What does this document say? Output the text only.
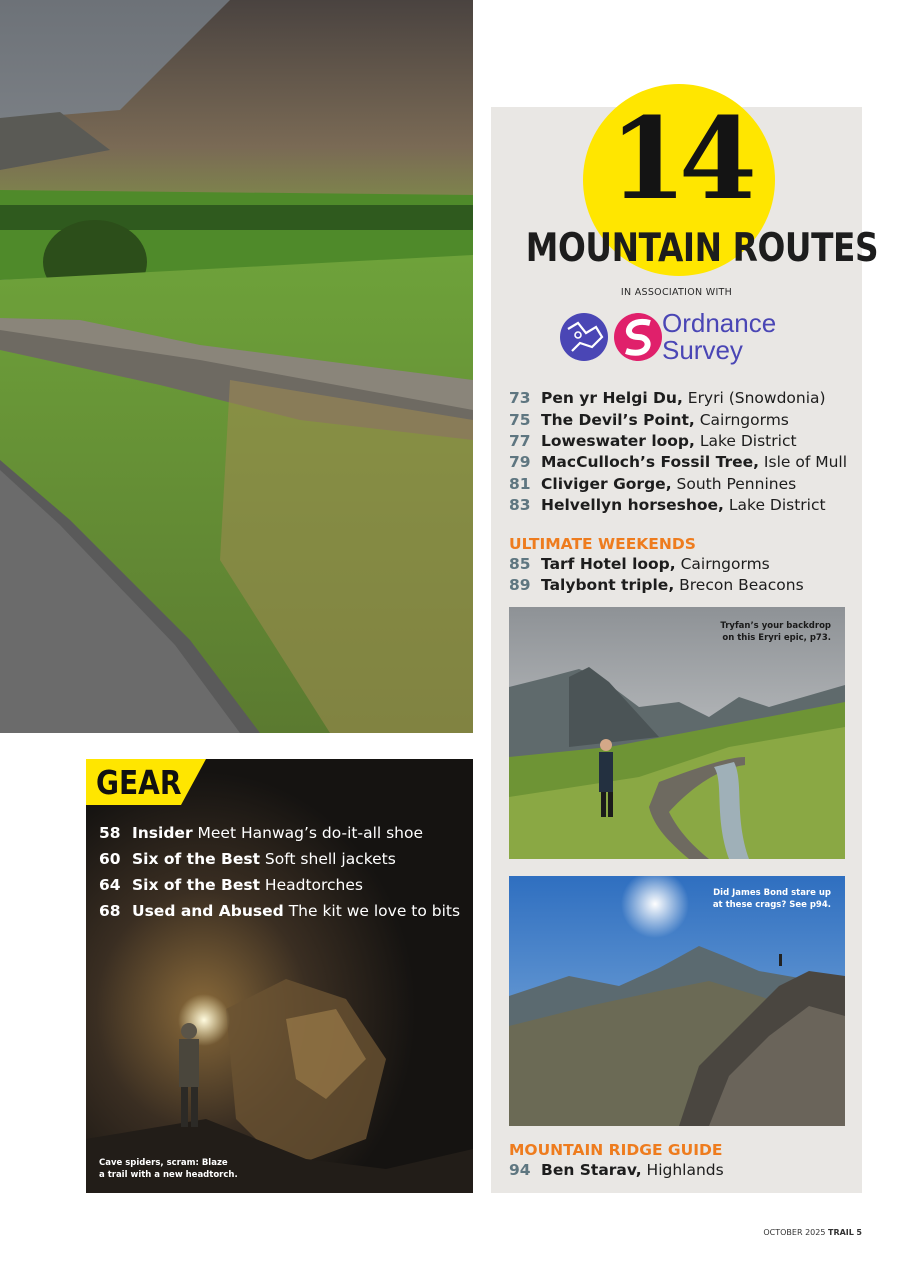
14
MOUNTAIN ROUTES
IN ASSOCIATION WITH
Ordnance
Survey
73 Pen yr Helgi Du, Eryri (Snowdonia)
75 The Devil’s Point, Cairngorms
77 Loweswater loop, Lake District
79 MacCulloch’s Fossil Tree, Isle of Mull
81 Cliviger Gorge, South Pennines
83 Helvellyn horseshoe, Lake District
ULTIMATE WEEKENDS
85 Tarf Hotel loop, Cairngorms
89 Talybont triple, Brecon Beacons
Tryfan’s your backdrop
on this Eryri epic, p73.
Did James Bond stare up
at these crags? See p94.
MOUNTAIN RIDGE GUIDE
94 Ben Starav, Highlands
GEAR
58 Insider Meet Hanwag’s do-it-all shoe
60 Six of the Best Soft shell jackets
64 Six of the Best Headtorches
68 Used and Abused The kit we love to bits
Cave spiders, scram: Blaze
a trail with a new headtorch.
OCTOBER 2025 TRAIL 5
